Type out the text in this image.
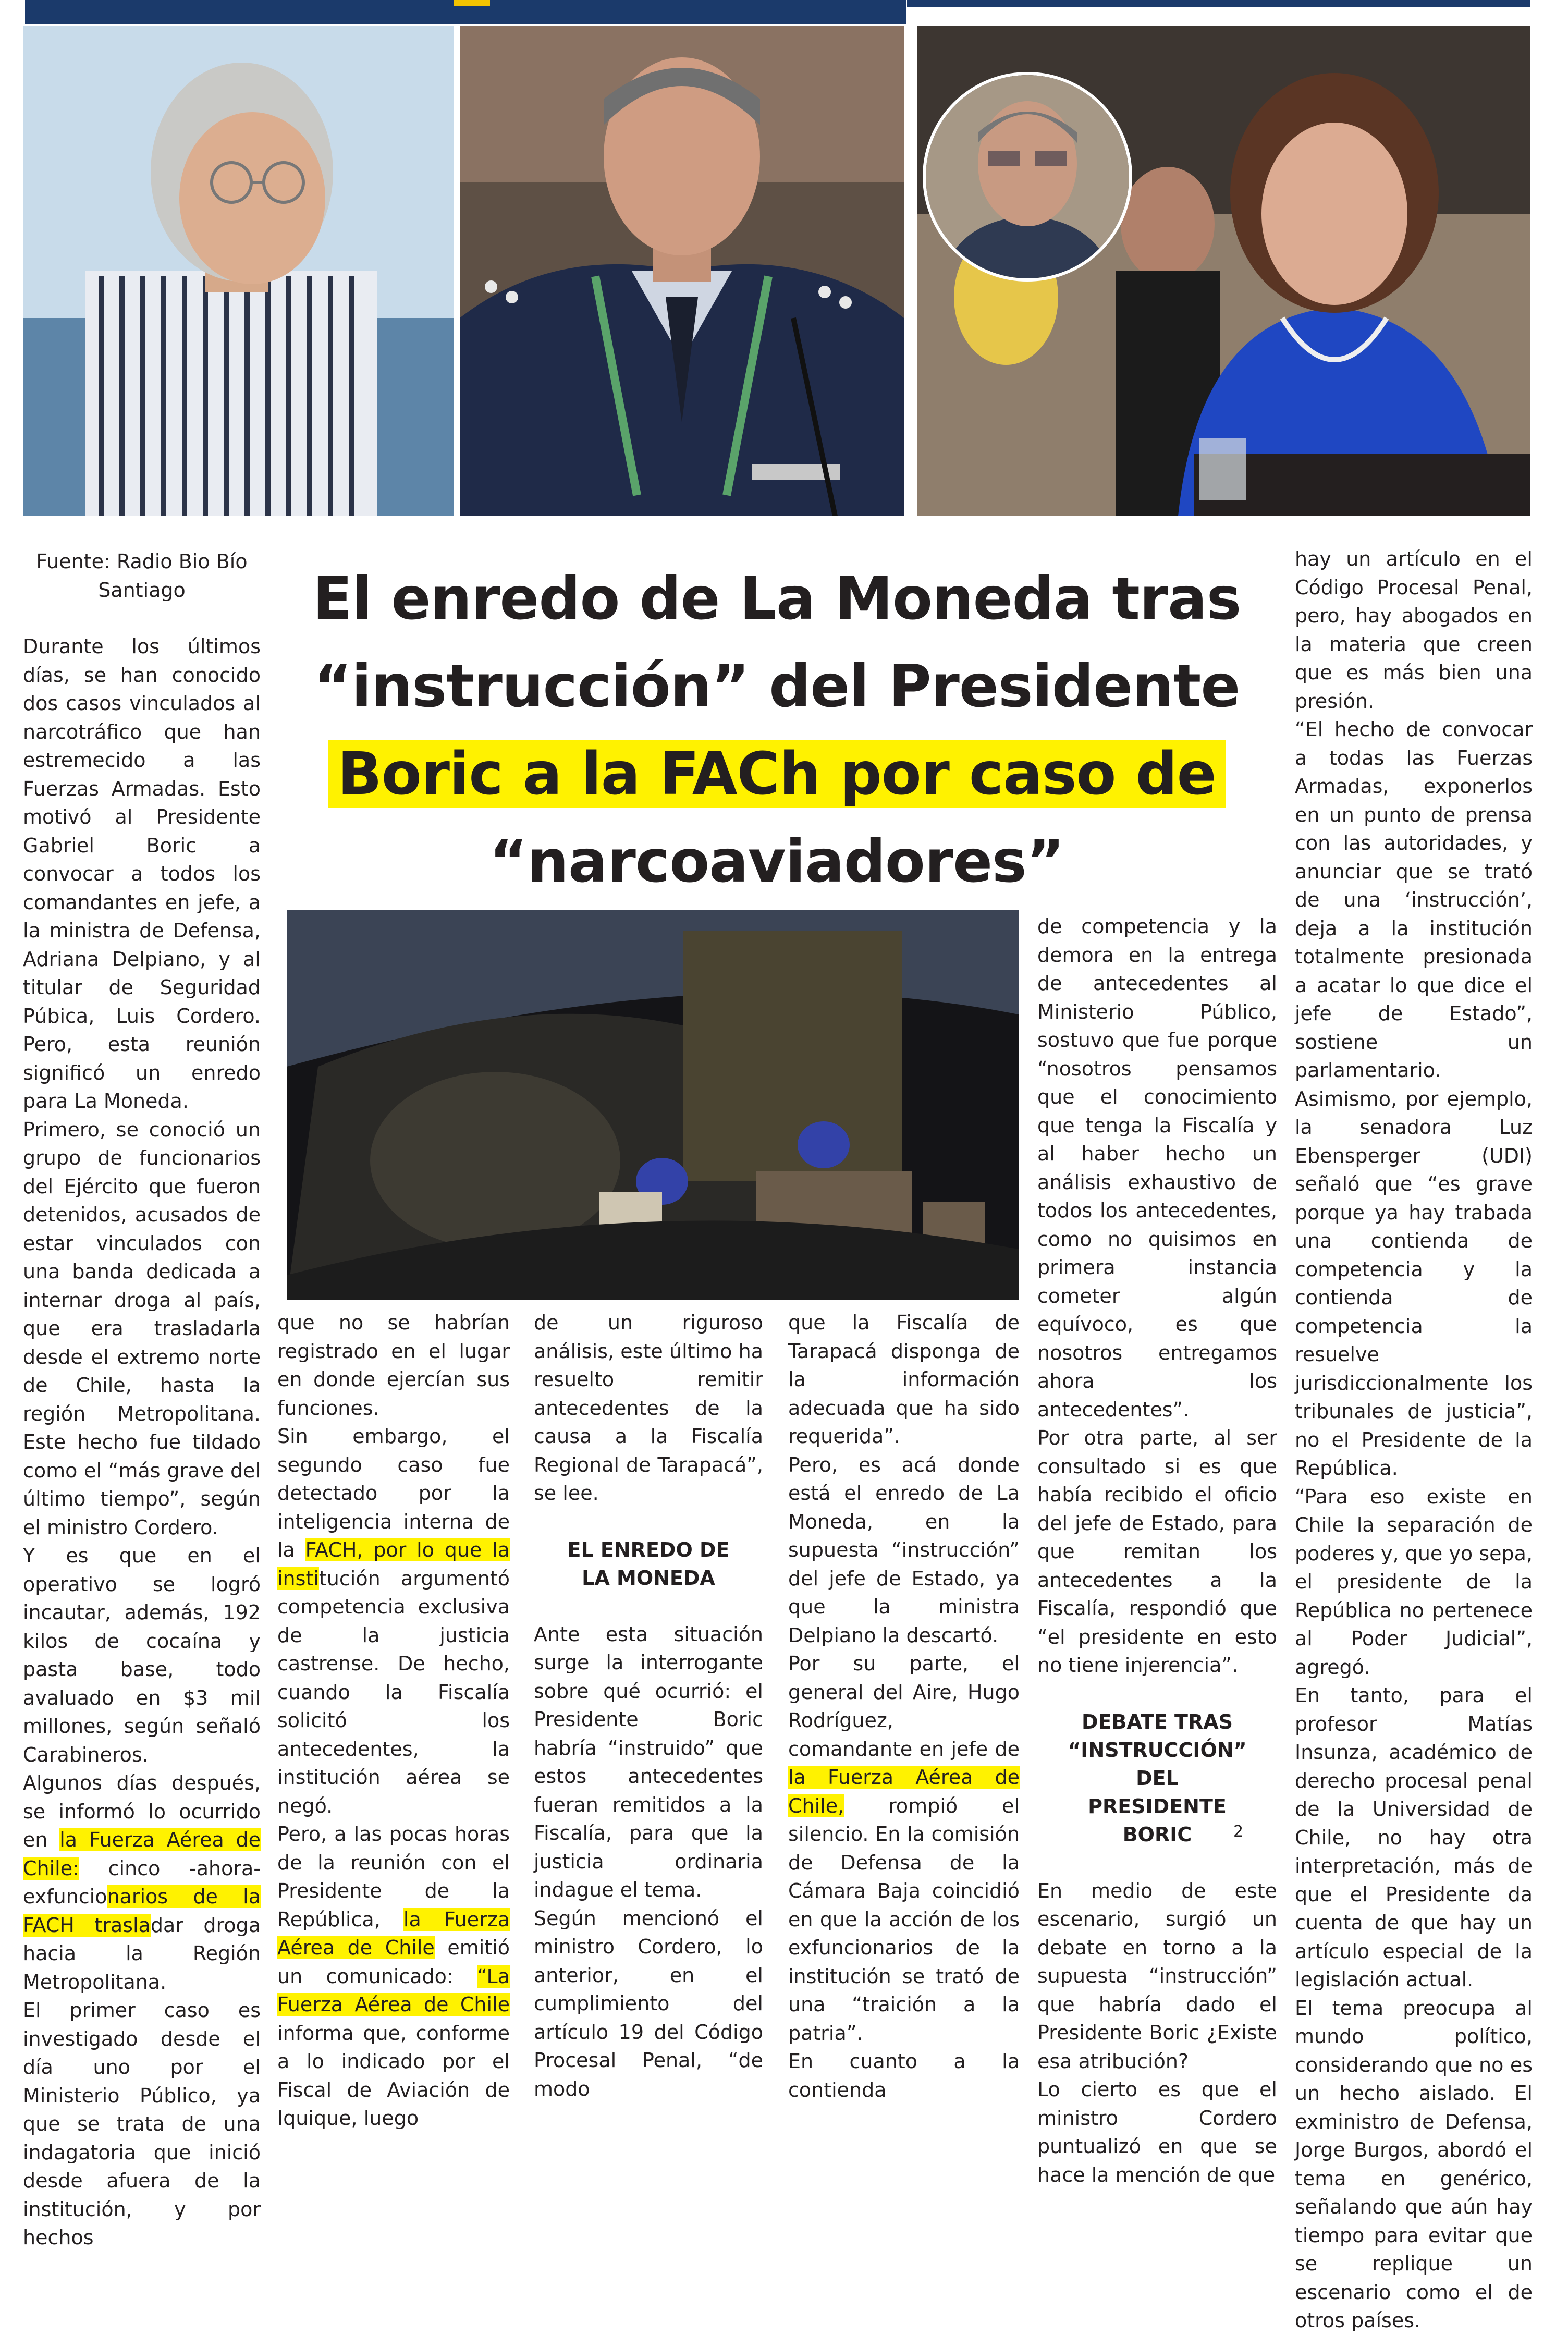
El enredo de La Moneda tras
“instrucción” del Presidente
Boric a la FACh por caso de
“narcoaviadores”

Fuente: Radio Bio Bío

Santiago

Durante los últimos días, se han conocido dos casos vinculados al narcotráfico que han estremecido a las Fuerzas Armadas. Esto motivó al Presidente Gabriel Boric a convocar a todos los comandantes en jefe, a la ministra de Defensa, Adriana Delpiano, y al titular de Seguridad Púbica, Luis Cordero. Pero, esta reunión significó un enredo para La Moneda.

Primero, se conoció un grupo de funcionarios del Ejército que fueron detenidos, acusados de estar vinculados con una banda dedicada a internar droga al país, que era trasladarla desde el extremo norte de Chile, hasta la región Metropolitana. Este hecho fue tildado como el “más grave del último tiempo”, según el ministro Cordero.

Y es que en el operativo se logró incautar, además, 192 kilos de cocaína y pasta base, todo avaluado en $3 mil millones, según señaló Carabineros.

Algunos días después, se informó lo ocurrido en la Fuerza Aérea de Chile: cinco -ahora- exfuncionarios de la FACH trasladar droga hacia la Región Metropolitana.

El primer caso es investigado desde el día uno por el Ministerio Público, ya que se trata de una indagatoria que inició desde afuera de la institución, y por hechos

que no se habrían registrado en el lugar en donde ejercían sus funciones.

Sin embargo, el segundo caso fue detectado por la inteligencia interna de la FACH, por lo que la institución argumentó competencia exclusiva de la justicia castrense. De hecho, cuando la Fiscalía solicitó los antecedentes, la institución aérea se negó.

Pero, a las pocas horas de la reunión con el Presidente de la República, la Fuerza Aérea de Chile emitió un comunicado: “La Fuerza Aérea de Chile informa que, conforme a lo indicado por el Fiscal de Aviación de Iquique, luego

de un riguroso análisis, este último ha resuelto remitir antecedentes de la causa a la Fiscalía Regional de Tarapacá”, se lee.

EL ENREDO DE LA MONEDA

Ante esta situación surge la interrogante sobre qué ocurrió: el Presidente Boric habría “instruido” que estos antecedentes fueran remitidos a la Fiscalía, para que la justicia ordinaria indague el tema.

Según mencionó el ministro Cordero, lo anterior, en el cumplimiento del artículo 19 del Código Procesal Penal, “de modo

que la Fiscalía de Tarapacá disponga de la información adecuada que ha sido requerida”.

Pero, es acá donde está el enredo de La Moneda, en la supuesta “instrucción” del jefe de Estado, ya que la ministra Delpiano la descartó.

Por su parte, el general del Aire, Hugo Rodríguez, comandante en jefe de la Fuerza Aérea de Chile, rompió el silencio. En la comisión de Defensa de la Cámara Baja coincidió en que la acción de los exfuncionarios de la institución se trató de una “traición a la patria”.

En cuanto a la contienda

de competencia y la demora en la entrega de antecedentes al Ministerio Público, sostuvo que fue porque “nosotros pensamos que el conocimiento que tenga la Fiscalía y al haber hecho un análisis exhaustivo de todos los antecedentes, como no quisimos en primera instancia cometer algún equívoco, es que nosotros entregamos ahora los antecedentes”.

Por otra parte, al ser consultado si es que había recibido el oficio del jefe de Estado, para que remitan los antecedentes a la Fiscalía, respondió que “el presidente en esto no tiene injerencia”.

DEBATE TRAS “INSTRUCCIÓN” DEL PRESIDENTE BORIC

En medio de este escenario, surgió un debate en torno a la supuesta “instrucción” que habría dado el Presidente Boric ¿Existe esa atribución?

Lo cierto es que el ministro Cordero puntualizó en que se hace la mención de que

hay un artículo en el Código Procesal Penal, pero, hay abogados en la materia que creen que es más bien una presión.

“El hecho de convocar a todas las Fuerzas Armadas, exponerlos en un punto de prensa con las autoridades, y anunciar que se trató de una ‘instrucción’, deja a la institución totalmente presionada a acatar lo que dice el jefe de Estado”, sostiene un parlamentario.

Asimismo, por ejemplo, la senadora Luz Ebensperger (UDI) señaló que “es grave porque ya hay trabada una contienda de competencia y la contienda de competencia la resuelve jurisdiccionalmente los tribunales de justicia”, no el Presidente de la República.

“Para eso existe en Chile la separación de poderes y, que yo sepa, el presidente de la República no pertenece al Poder Judicial”, agregó.

En tanto, para el profesor Matías Insunza, académico de derecho procesal penal de la Universidad de Chile, no hay otra interpretación, más de que el Presidente da cuenta de que hay un artículo especial de la legislación actual.

El tema preocupa al mundo político, considerando que no es un hecho aislado. El exministro de Defensa, Jorge Burgos, abordó el tema en genérico, señalando que aún hay tiempo para evitar que se replique un escenario como el de otros países.

2
